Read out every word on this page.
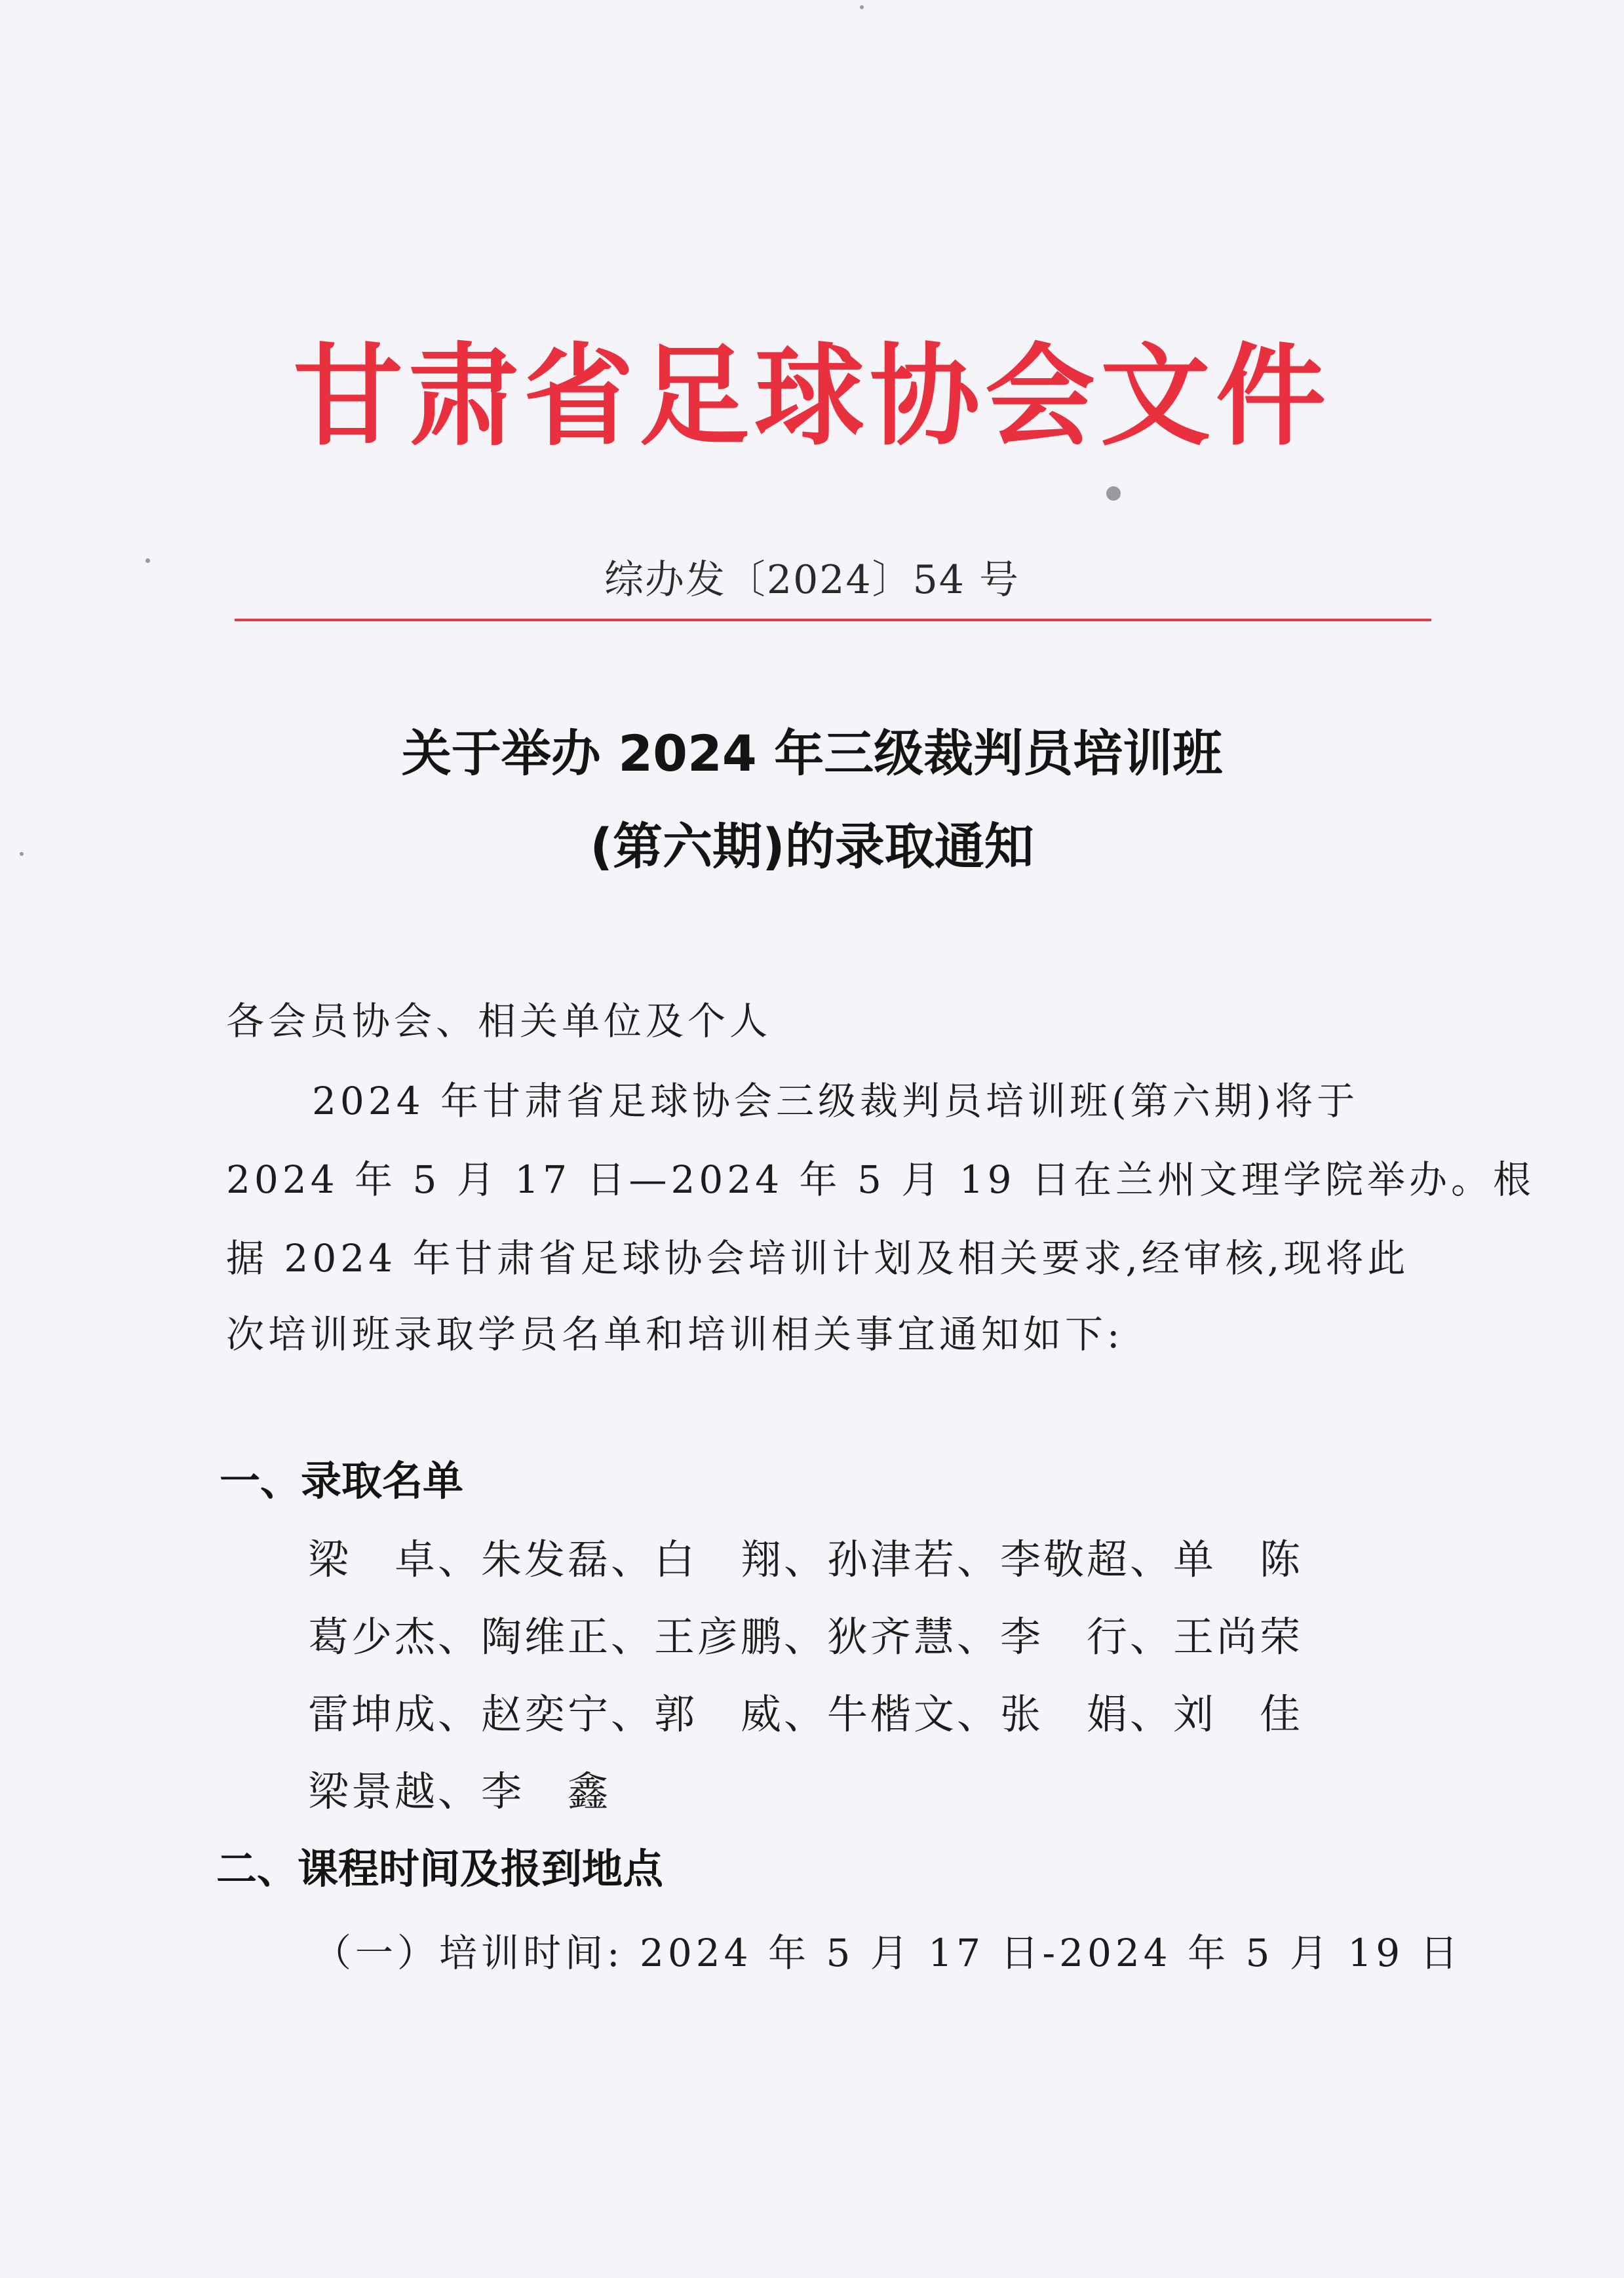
甘肃省足球协会文件
综办发〔2024〕54 号
关于举办 2024 年三级裁判员培训班
(第六期)的录取通知
各会员协会、相关单位及个人
2024 年甘肃省足球协会三级裁判员培训班(第六期)将于
2024 年 5 月 17 日—2024 年 5 月 19 日在兰州文理学院举办。根
据 2024 年甘肃省足球协会培训计划及相关要求,经审核,现将此
次培训班录取学员名单和培训相关事宜通知如下:
一、录取名单
梁　卓、朱发磊、白　翔、孙津若、李敬超、单　陈
葛少杰、陶维正、王彦鹏、狄齐慧、李　行、王尚荣
雷坤成、赵奕宁、郭　威、牛楷文、张　娟、刘　佳
梁景越、李　鑫
二、课程时间及报到地点
（一）培训时间: 2024 年 5 月 17 日-2024 年 5 月 19 日
